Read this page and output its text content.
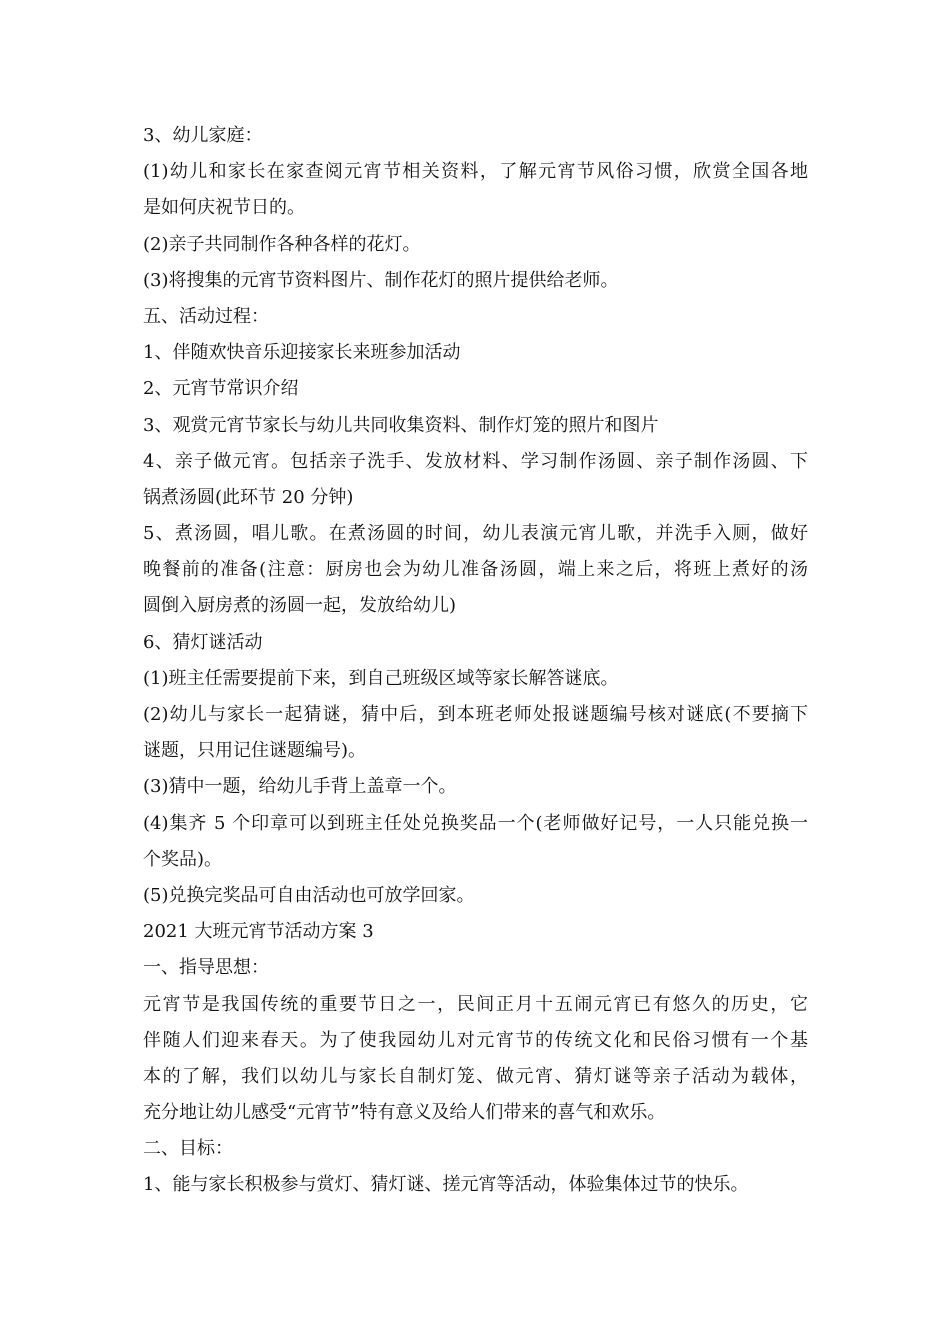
3、幼儿家庭：
(1)幼儿和家长在家查阅元宵节相关资料，了解元宵节风俗习惯，欣赏全国各地
是如何庆祝节日的。
(2)亲子共同制作各种各样的花灯。
(3)将搜集的元宵节资料图片、制作花灯的照片提供给老师。
五、活动过程：
1、伴随欢快音乐迎接家长来班参加活动
2、元宵节常识介绍
3、观赏元宵节家长与幼儿共同收集资料、制作灯笼的照片和图片
4、亲子做元宵。包括亲子洗手、发放材料、学习制作汤圆、亲子制作汤圆、下
锅煮汤圆(此环节 20 分钟)
5、煮汤圆，唱儿歌。在煮汤圆的时间，幼儿表演元宵儿歌，并洗手入厕，做好
晚餐前的准备(注意：厨房也会为幼儿准备汤圆，端上来之后，将班上煮好的汤
圆倒入厨房煮的汤圆一起，发放给幼儿)
6、猜灯谜活动
(1)班主任需要提前下来，到自己班级区域等家长解答谜底。
(2)幼儿与家长一起猜谜，猜中后，到本班老师处报谜题编号核对谜底(不要摘下
谜题，只用记住谜题编号)。
(3)猜中一题，给幼儿手背上盖章一个。
(4)集齐 5 个印章可以到班主任处兑换奖品一个(老师做好记号，一人只能兑换一
个奖品)。
(5)兑换完奖品可自由活动也可放学回家。
2021 大班元宵节活动方案 3
一、指导思想：
元宵节是我国传统的重要节日之一，民间正月十五闹元宵已有悠久的历史，它
伴随人们迎来春天。为了使我园幼儿对元宵节的传统文化和民俗习惯有一个基
本的了解，我们以幼儿与家长自制灯笼、做元宵、猜灯谜等亲子活动为载体，
充分地让幼儿感受“元宵节”特有意义及给人们带来的喜气和欢乐。
二、目标：
1、能与家长积极参与赏灯、猜灯谜、搓元宵等活动，体验集体过节的快乐。
